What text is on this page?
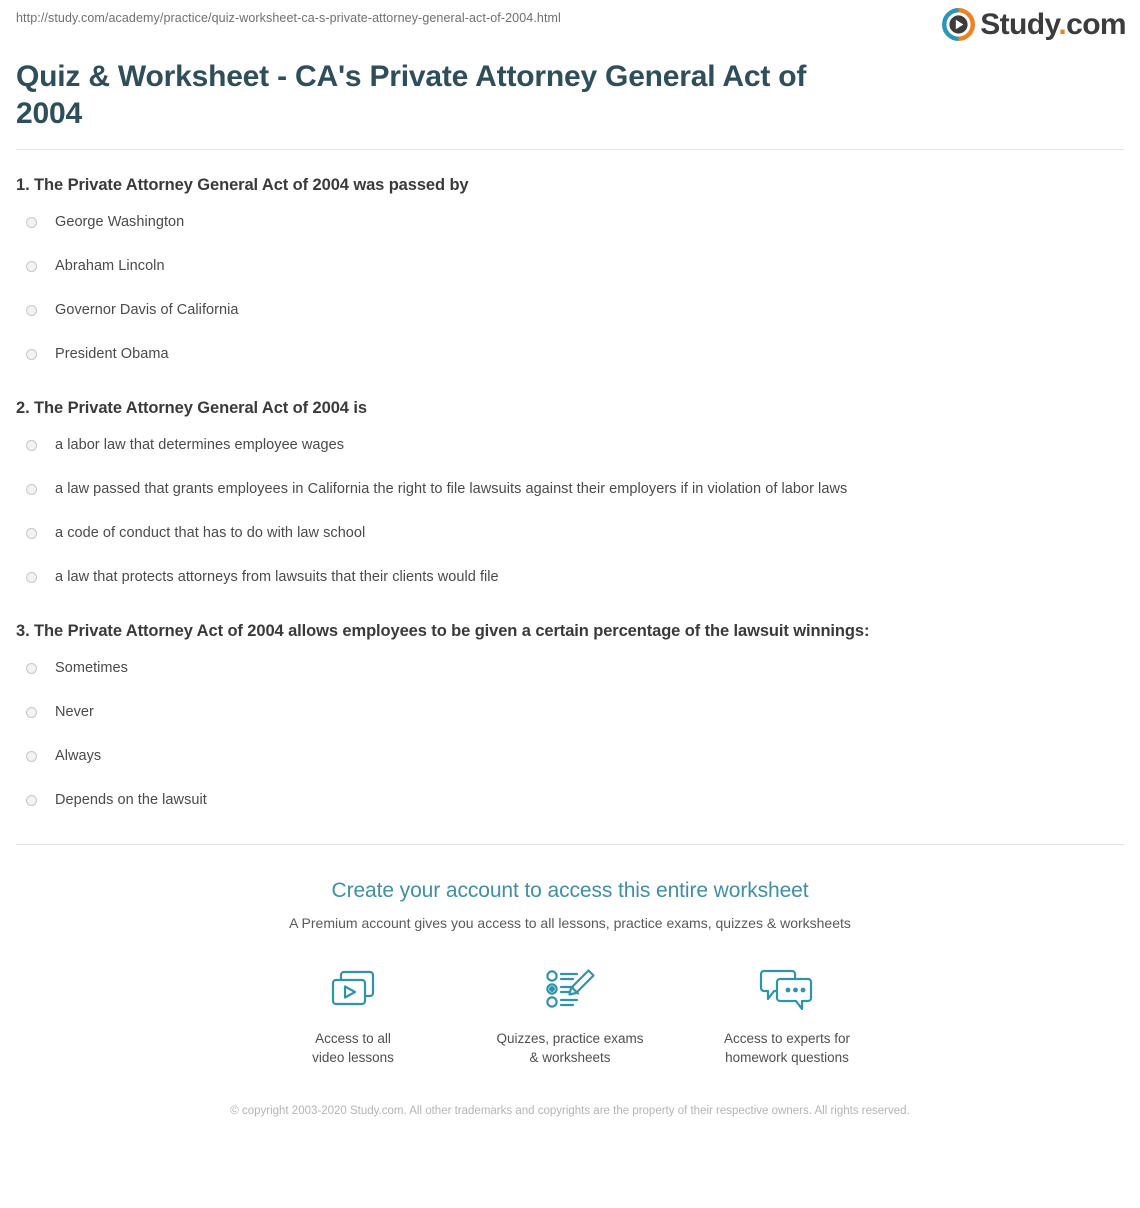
http://study.com/academy/practice/quiz-worksheet-ca-s-private-attorney-general-act-of-2004.html	Study.com
Quiz & Worksheet - CA's Private Attorney General Act of 2004

1. The Private Attorney General Act of 2004 was passed by

George Washington
Abraham Lincoln
Governor Davis of California
President Obama

2. The Private Attorney General Act of 2004 is

a labor law that determines employee wages
a law passed that grants employees in California the right to file lawsuits against their employers if in violation of labor laws
a code of conduct that has to do with law school
a law that protects attorneys from lawsuits that their clients would file

3. The Private Attorney Act of 2004 allows employees to be given a certain percentage of the lawsuit winnings:

Sometimes
Never
Always
Depends on the lawsuit
Create your account to access this entire worksheet
A Premium account gives you access to all lessons, practice exams, quizzes & worksheets
Access to all
video lessons
Quizzes, practice exams
& worksheets
Access to experts for
homework questions
© copyright 2003-2020 Study.com. All other trademarks and copyrights are the property of their respective owners. All rights reserved.
